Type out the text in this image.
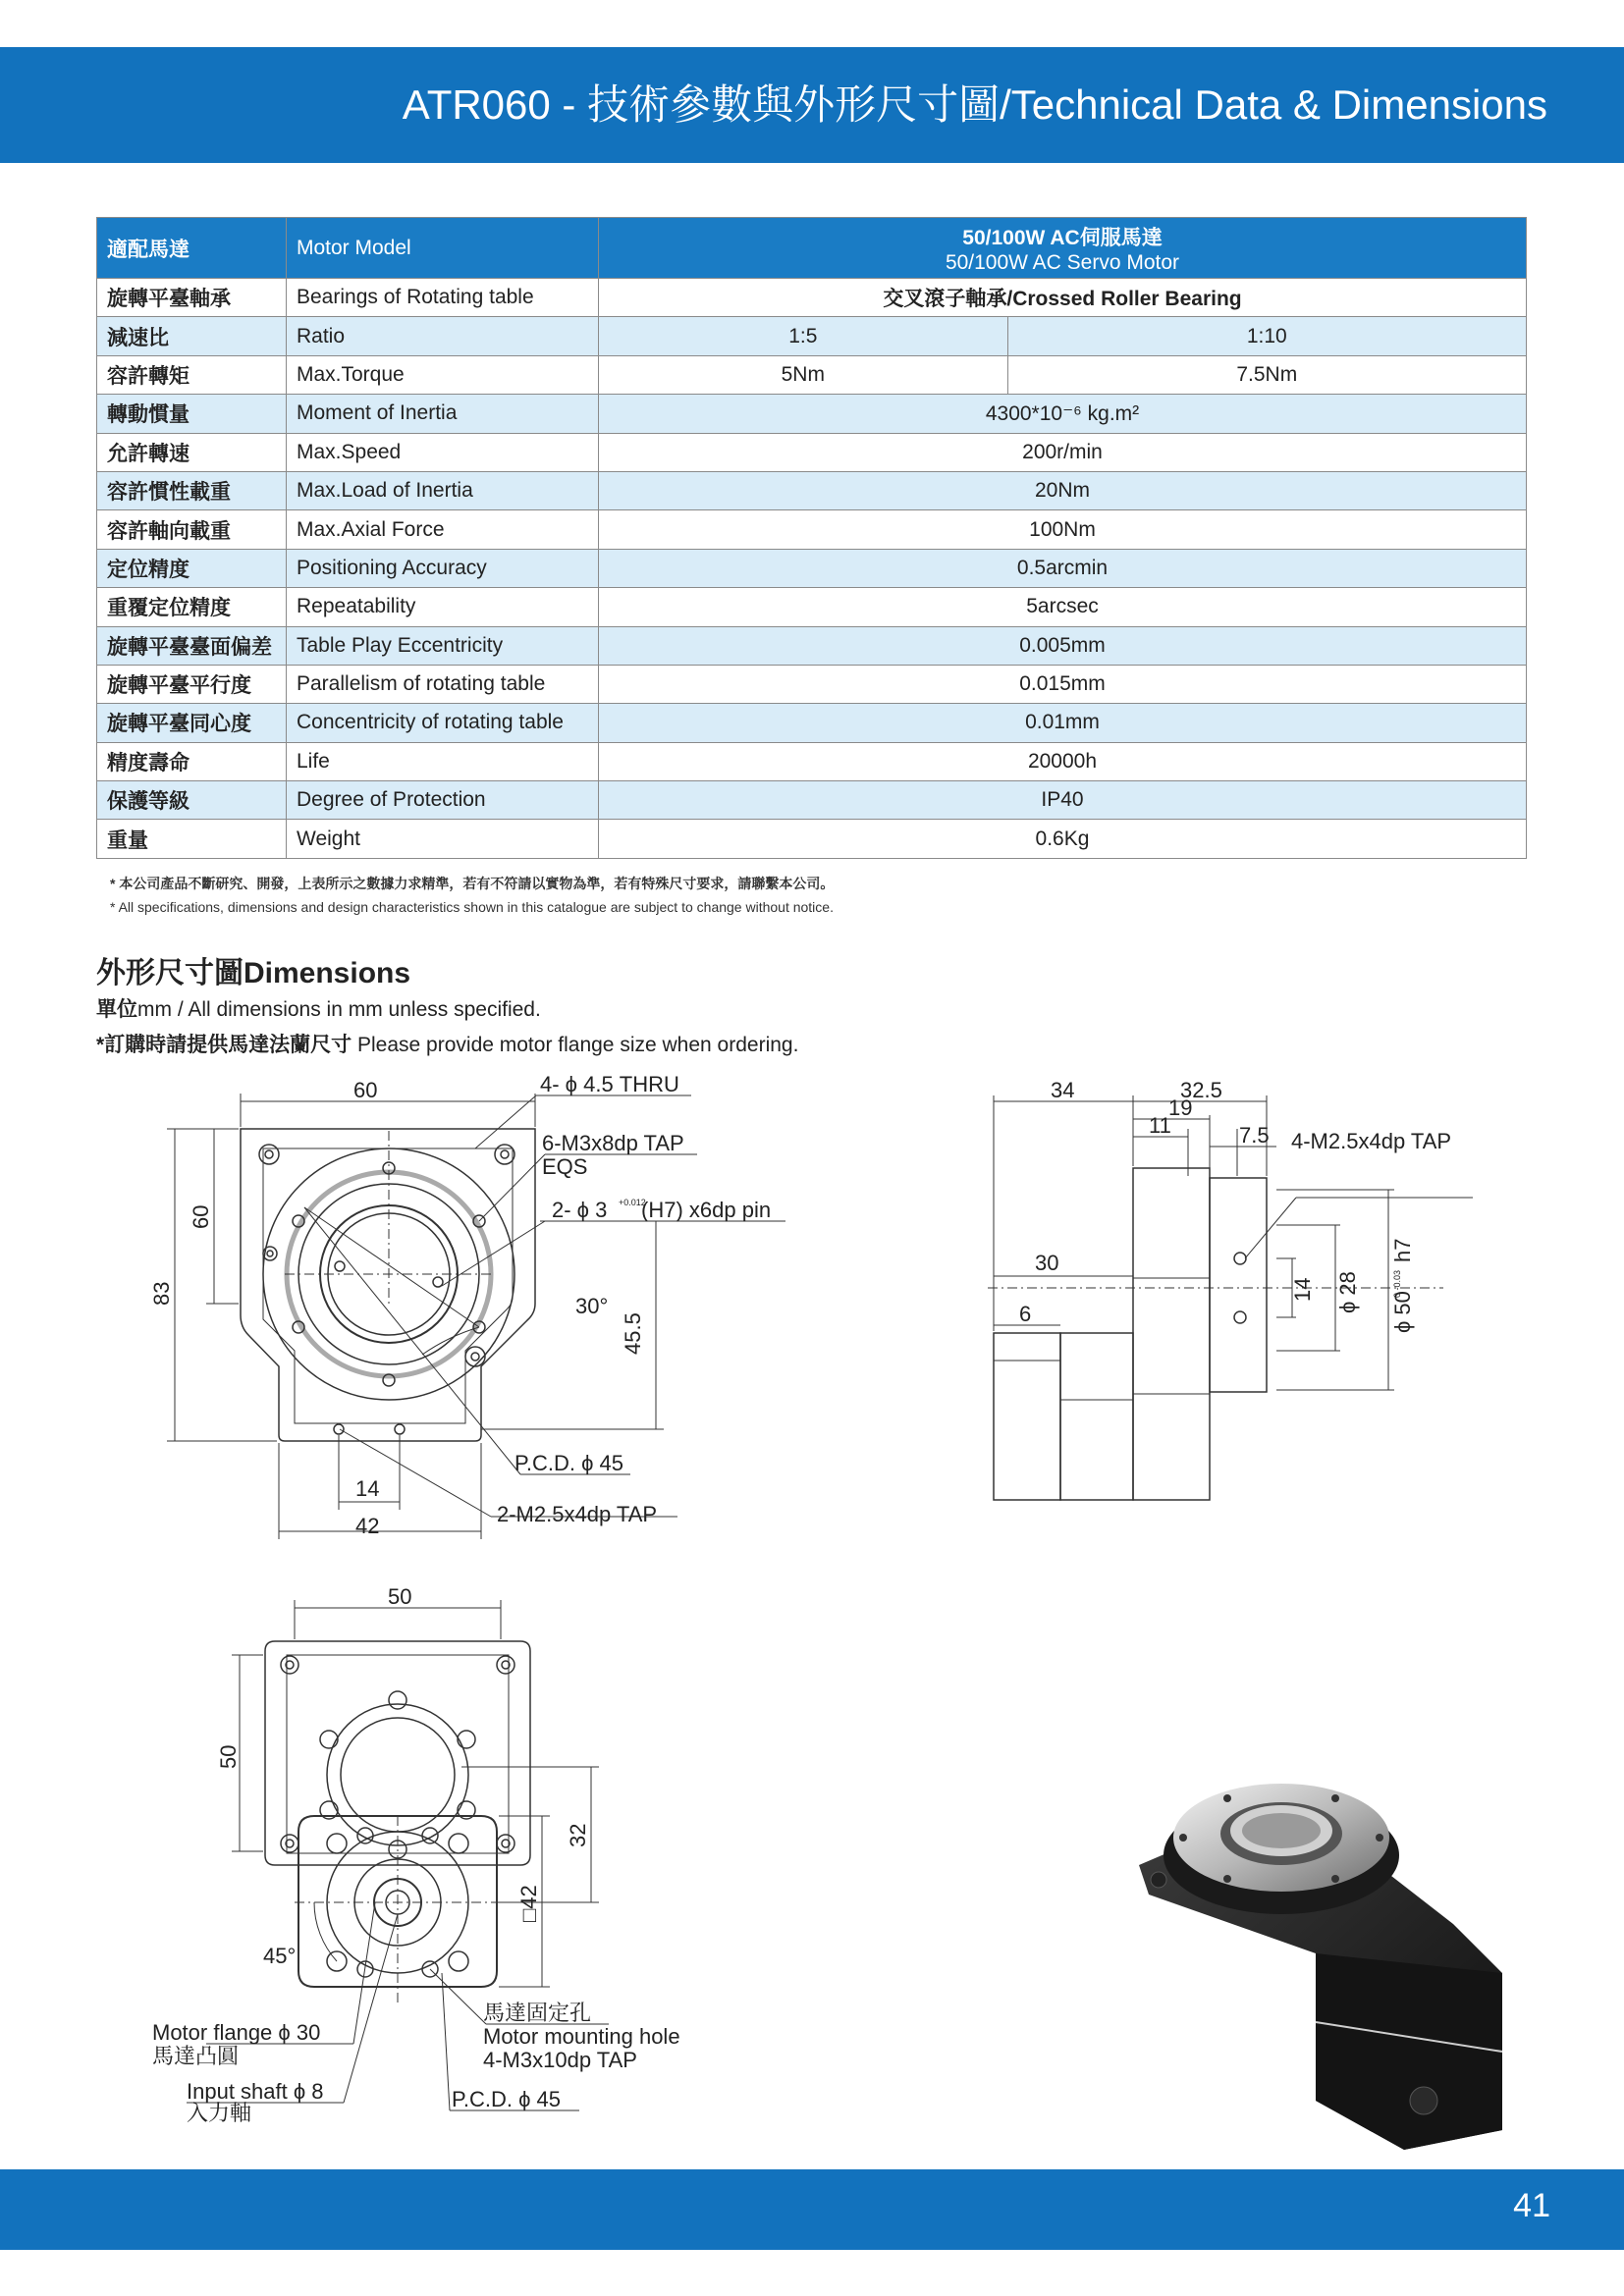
ATR060 - 技術參數與外形尺寸圖/Technical Data & Dimensions
適配馬達	Motor Model	50/100W AC伺服馬達
50/100W AC Servo Motor	

旋轉平臺軸承	Bearings of Rotating table	交叉滾子軸承/Crossed Roller Bearing	
減速比	Ratio	1:5	1:10
容許轉矩	Max.Torque	5Nm	7.5Nm
轉動慣量	Moment of Inertia	4300*10⁻⁶ kg.m²	
允許轉速	Max.Speed	200r/min	
容許慣性載重	Max.Load of Inertia	20Nm	
容許軸向載重	Max.Axial Force	100Nm	
定位精度	Positioning Accuracy	0.5arcmin	
重覆定位精度	Repeatability	5arcsec	
旋轉平臺臺面偏差	Table Play Eccentricity	0.005mm	
旋轉平臺平行度	Parallelism of rotating table	0.015mm	
旋轉平臺同心度	Concentricity of rotating table	0.01mm	
精度壽命	Life	20000h	
保護等級	Degree of Protection	IP40	
重量	Weight	0.6Kg	
* 本公司產品不斷研究、開發，上表所示之數據力求精準，若有不符請以實物為準，若有特殊尺寸要求，請聯繫本公司。
* All specifications, dimensions and design characteristics shown in this catalogue are subject to change without notice.
外形尺寸圖Dimensions
單位mm / All dimensions in mm unless specified.
*訂購時請提供馬達法蘭尺寸 Please provide motor flange size when ordering.
60	4- ϕ 4.5 THRU
6-M3x8dp TAP
EQS
2- ϕ 3 +0.012
(H7) x6dp pin
30°
45.5
83
60
14
42
P.C.D. ϕ 45
2-M2.5x4dp TAP
34	32.5
19
11	7.5 4-M2.5x4dp TAP
30
6
14 ϕ 28 ϕ 50
0 -0.03
h7
50
50
32
□42
45°
Motor flange ϕ 30
馬達凸圓
Input shaft ϕ 8
入力軸
馬達固定孔
Motor mounting hole
4-M3x10dp TAP
P.C.D. ϕ 45
41
